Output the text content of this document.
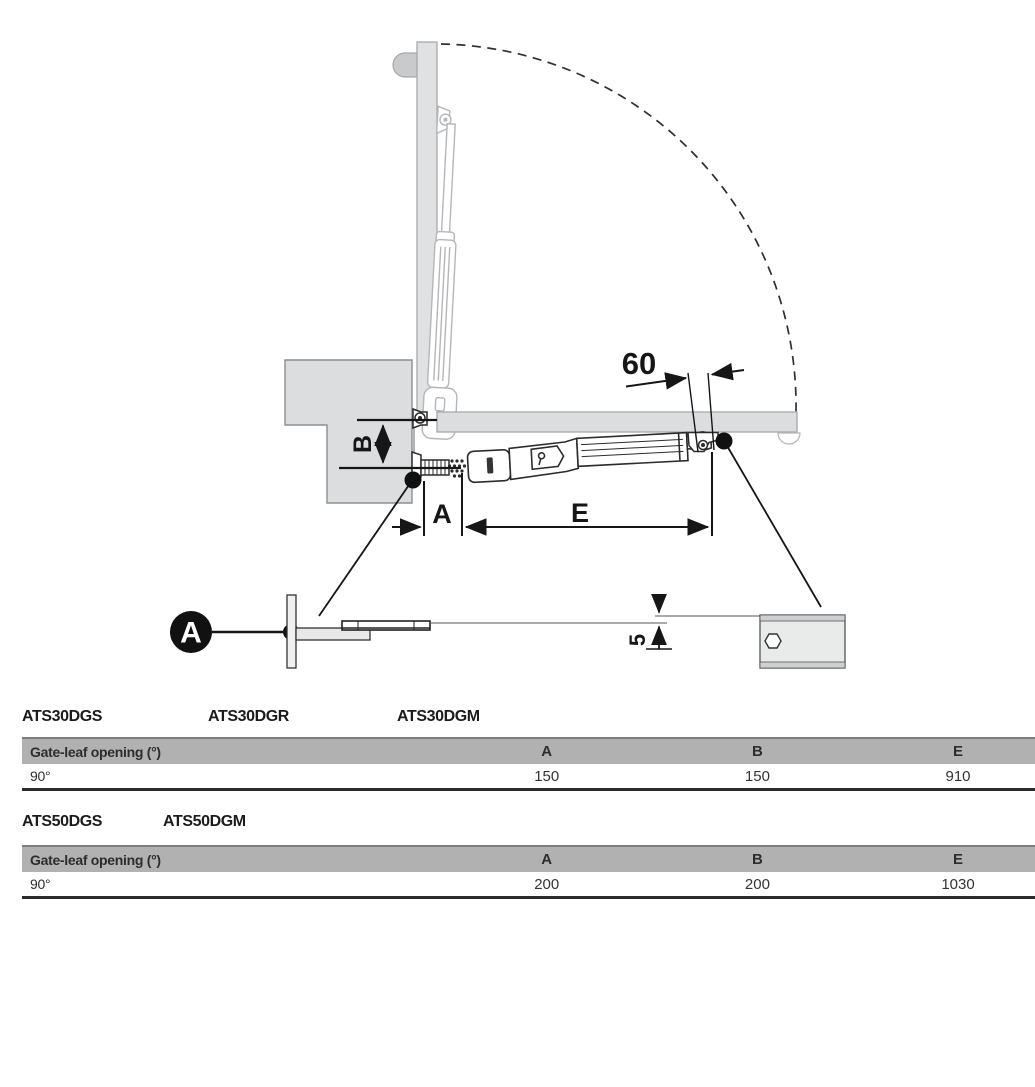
B
A	E
60
A	5
ATS30DGS	ATS30DGR	ATS30DGM
Gate-leaf opening (°)	A	B	E
90°	150	150	910
ATS50DGS	ATS50DGM
Gate-leaf opening (°)	A	B	E
90°	200	200	1030
